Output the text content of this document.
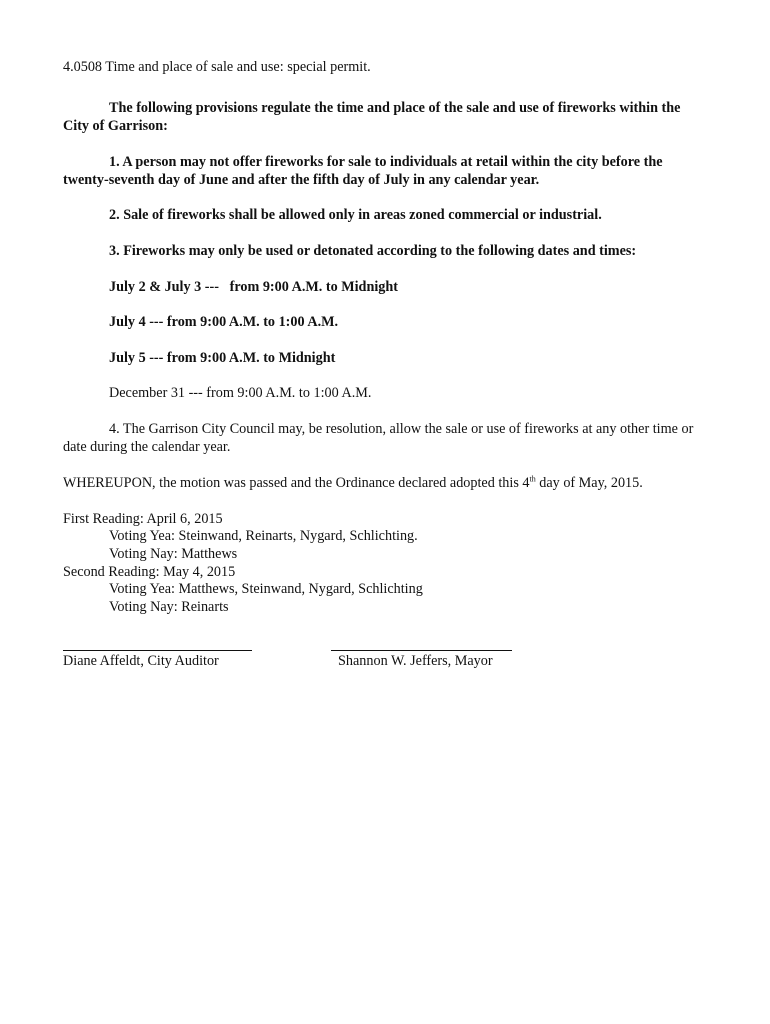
4.0508 Time and place of sale and use: special permit.
The following provisions regulate the time and place of the sale and use of fireworks within the City of Garrison:
1. A person may not offer fireworks for sale to individuals at retail within the city before the twenty-seventh day of June and after the fifth day of July in any calendar year.
2. Sale of fireworks shall be allowed only in areas zoned commercial or industrial.
3. Fireworks may only be used or detonated according to the following dates and times:
July 2 & July 3 ---   from 9:00 A.M. to Midnight
July 4 --- from 9:00 A.M. to 1:00 A.M.
July 5 --- from 9:00 A.M. to Midnight
December 31 --- from 9:00 A.M. to 1:00 A.M.
4. The Garrison City Council may, be resolution, allow the sale or use of fireworks at any other time or date during the calendar year.
WHEREUPON, the motion was passed and the Ordinance declared adopted this 4th day of May, 2015.
First Reading: April 6, 2015
Voting Yea: Steinwand, Reinarts, Nygard, Schlichting.
Voting Nay: Matthews
Second Reading: May 4, 2015
Voting Yea: Matthews, Steinwand, Nygard, Schlichting
Voting Nay: Reinarts
Diane Affeldt, City Auditor	Shannon W. Jeffers, Mayor
